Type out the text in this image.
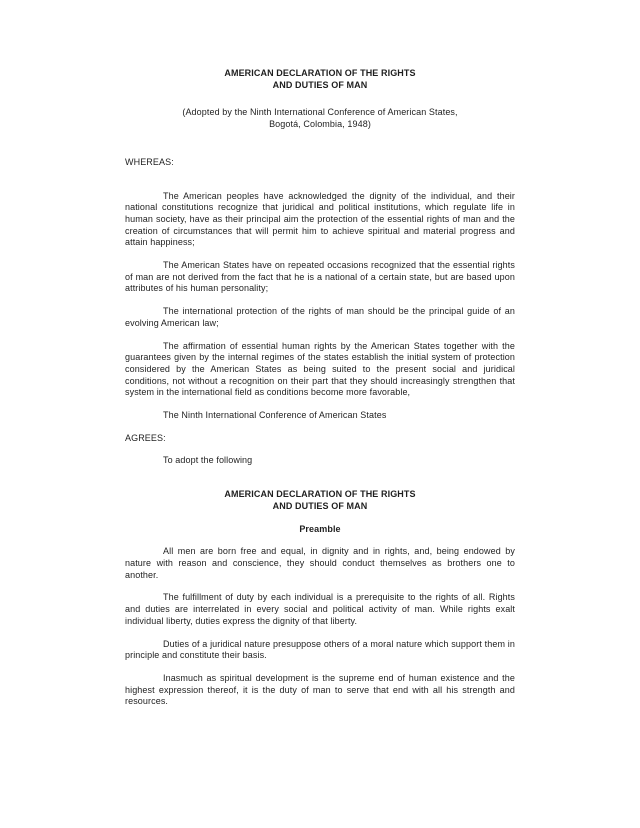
AMERICAN DECLARATION OF THE RIGHTS
AND DUTIES OF MAN
(Adopted by the Ninth International Conference of American States,
Bogotá, Colombia, 1948)

WHEREAS:

The American peoples have acknowledged the dignity of the individual, and their national constitutions recognize that juridical and political institutions, which regulate life in human society, have as their principal aim the protection of the essential rights of man and the creation of circumstances that will permit him to achieve spiritual and material progress and attain happiness;

The American States have on repeated occasions recognized that the essential rights of man are not derived from the fact that he is a national of a certain state, but are based upon attributes of his human personality;

The international protection of the rights of man should be the principal guide of an evolving American law;

The affirmation of essential human rights by the American States together with the guarantees given by the internal regimes of the states establish the initial system of protection considered by the American States as being suited to the present social and juridical conditions, not without a recognition on their part that they should increasingly strengthen that system in the international field as conditions become more favorable,

The Ninth International Conference of American States

AGREES:

To adopt the following

AMERICAN DECLARATION OF THE RIGHTS
AND DUTIES OF MAN

Preamble

All men are born free and equal, in dignity and in rights, and, being endowed by nature with reason and conscience, they should conduct themselves as brothers one to another.

The fulfillment of duty by each individual is a prerequisite to the rights of all. Rights and duties are interrelated in every social and political activity of man. While rights exalt individual liberty, duties express the dignity of that liberty.

Duties of a juridical nature presuppose others of a moral nature which support them in principle and constitute their basis.

Inasmuch as spiritual development is the supreme end of human existence and the highest expression thereof, it is the duty of man to serve that end with all his strength and resources.
